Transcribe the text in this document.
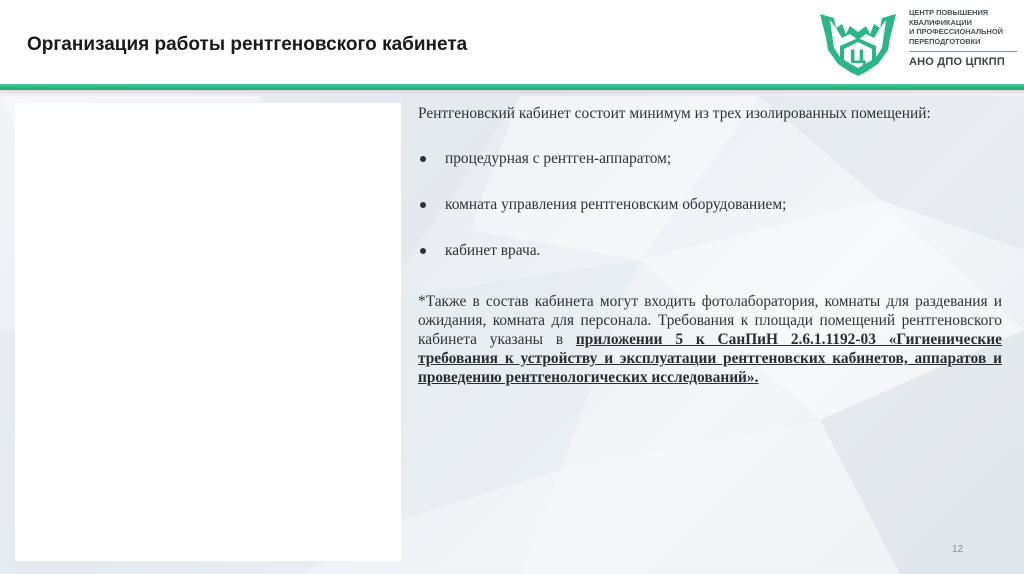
Организация работы рентгеновского кабинета
Ц
ЦЕНТР ПОВЫШЕНИЯ
КВАЛИФИКАЦИИ
И ПРОФЕССИОНАЛЬНОЙ
ПЕРЕПОДГОТОВКИ
АНО ДПО ЦПКПП

Рентгеновский кабинет состоит минимум из трех изолированных помещений:

процедурная с рентген-аппаратом;
комната управления рентгеновским оборудованием;
кабинет врача.

*Также в состав кабинета могут входить фотолаборатория, комнаты для раздевания и ожидания, комната для персонала. Требования к площади помещений рентгеновского кабинета указаны в приложении 5 к СанПиН 2.6.1.1192-03 «Гигиенические требования к устройству и эксплуатации рентгеновских кабинетов, аппаратов и проведению рентгенологических исследований».

12
